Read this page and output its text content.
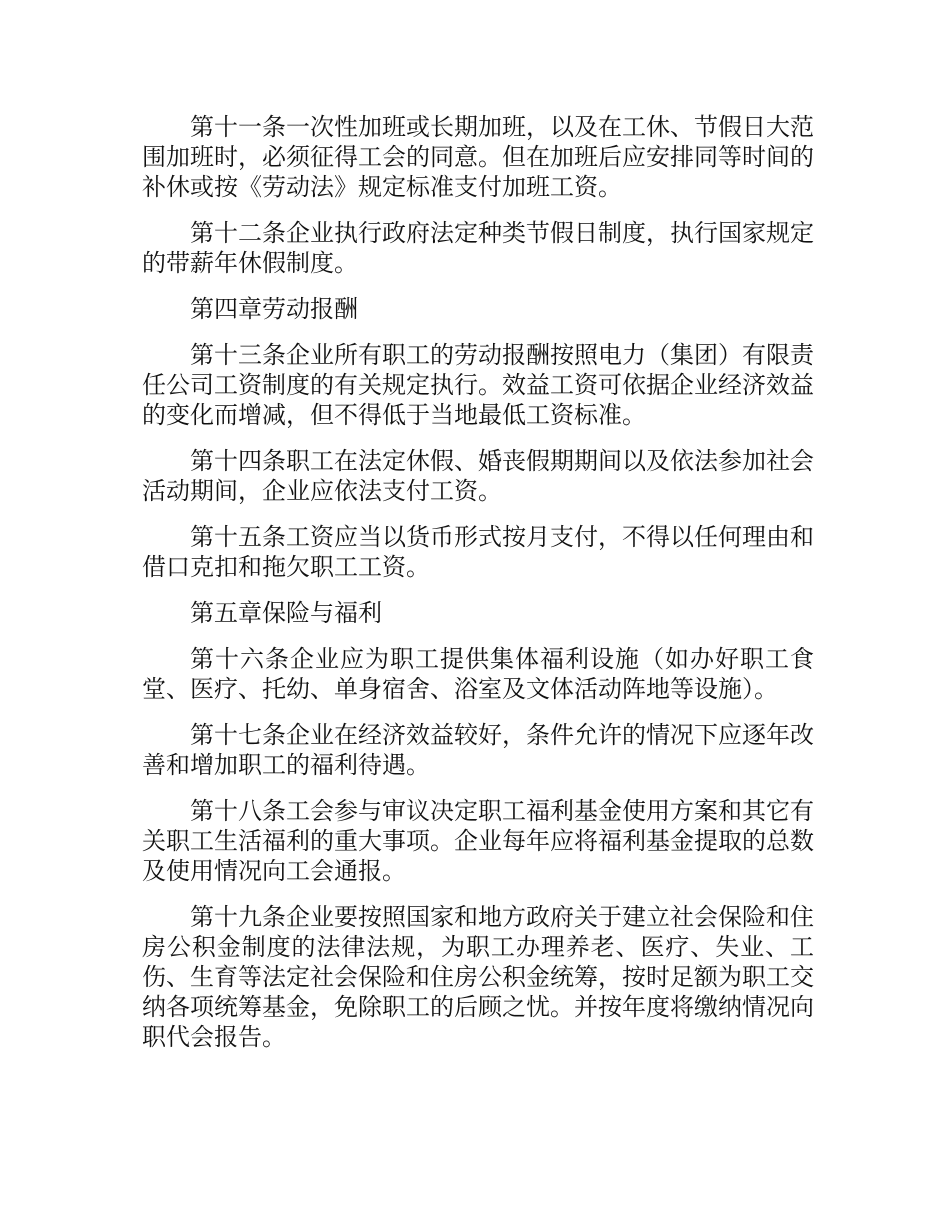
第十一条一次性加班或长期加班，以及在工休、节假日大范围加班时，必须征得工会的同意。但在加班后应安排同等时间的补休或按《劳动法》规定标准支付加班工资。

第十二条企业执行政府法定种类节假日制度，执行国家规定的带薪年休假制度。

第四章劳动报酬

第十三条企业所有职工的劳动报酬按照电力（集团）有限责任公司工资制度的有关规定执行。效益工资可依据企业经济效益的变化而增减，但不得低于当地最低工资标准。

第十四条职工在法定休假、婚丧假期期间以及依法参加社会活动期间，企业应依法支付工资。

第十五条工资应当以货币形式按月支付，不得以任何理由和借口克扣和拖欠职工工资。

第五章保险与福利

第十六条企业应为职工提供集体福利设施（如办好职工食堂、医疗、托幼、单身宿舍、浴室及文体活动阵地等设施）。

第十七条企业在经济效益较好，条件允许的情况下应逐年改善和增加职工的福利待遇。

第十八条工会参与审议决定职工福利基金使用方案和其它有关职工生活福利的重大事项。企业每年应将福利基金提取的总数及使用情况向工会通报。

第十九条企业要按照国家和地方政府关于建立社会保险和住房公积金制度的法律法规，为职工办理养老、医疗、失业、工伤、生育等法定社会保险和住房公积金统筹，按时足额为职工交纳各项统筹基金，免除职工的后顾之忧。并按年度将缴纳情况向职代会报告。
